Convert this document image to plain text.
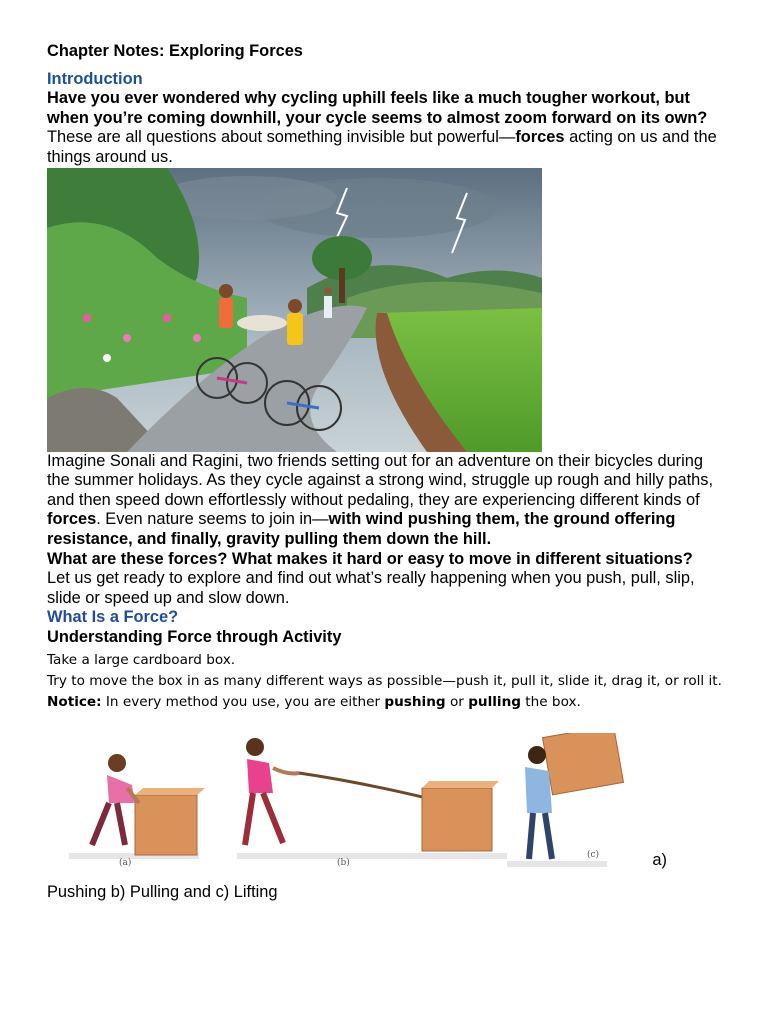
Chapter Notes: Exploring Forces
Introduction

Have you ever wondered why cycling uphill feels like a much tougher workout, but when you’re coming downhill, your cycle seems to almost zoom forward on its own? These are all questions about something invisible but powerful—forces acting on us and the things around us.

Imagine Sonali and Ragini, two friends setting out for an adventure on their bicycles during the summer holidays. As they cycle against a strong wind, struggle up rough and hilly paths, and then speed down effortlessly without pedaling, they are experiencing different kinds of forces. Even nature seems to join in—with wind pushing them, the ground offering resistance, and finally, gravity pulling them down the hill.

What are these forces? What makes it hard or easy to move in different situations?

Let us get ready to explore and find out what’s really happening when you push, pull, slip, slide or speed up and slow down.

What Is a Force?
Understanding Force through Activity

Take a large cardboard box.

Try to move the box in as many different ways as possible—push it, pull it, slide it, drag it, or roll it.

Notice: In every method you use, you are either pushing or pulling the box.

(a)	(b)
(c)	a)

Pushing b) Pulling and c) Lifting
